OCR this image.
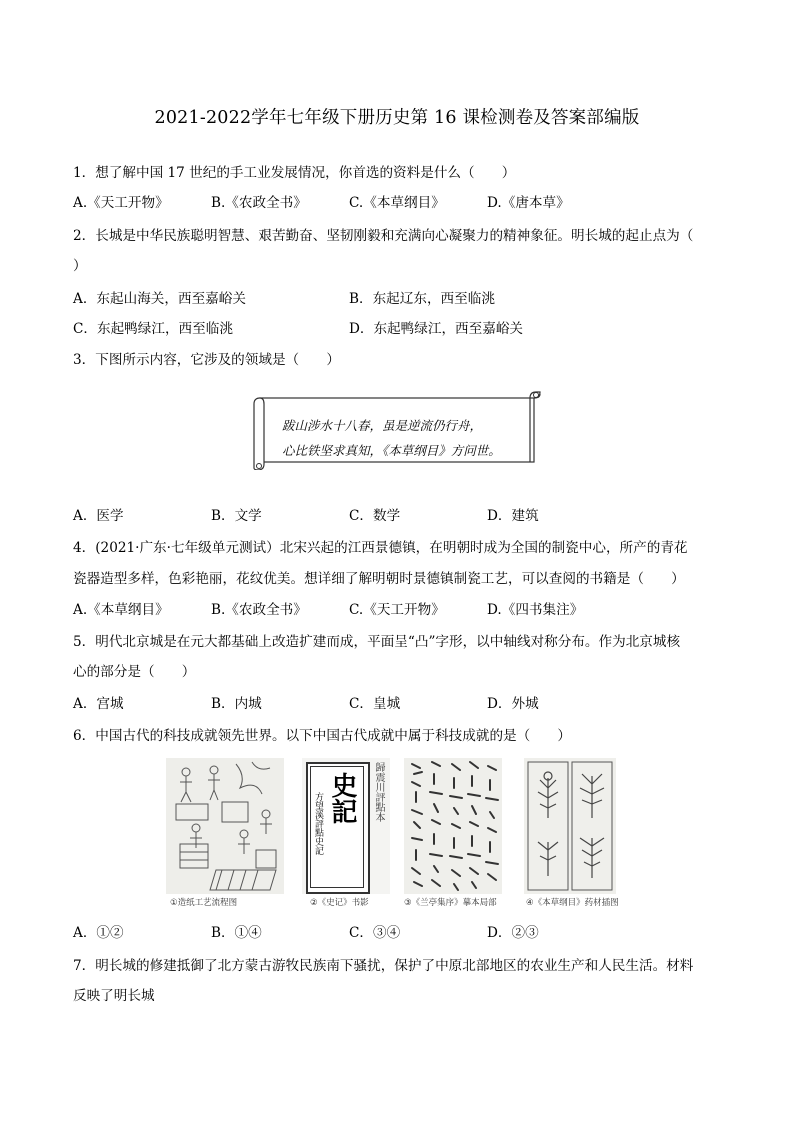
2021-2022学年七年级下册历史第 16 课检测卷及答案部编版
1．想了解中国 17 世纪的手工业发展情况，你首选的资料是什么（　　）
A.《天工开物》	B.《农政全书》	C.《本草纲目》	D.《唐本草》
2．长城是中华民族聪明智慧、艰苦勤奋、坚韧刚毅和充满向心凝聚力的精神象征。明长城的起止点为（
）
A．东起山海关，西至嘉峪关	B．东起辽东，西至临洮
C．东起鸭绿江，西至临洮	D．东起鸭绿江，西至嘉峪关
3．下图所示内容，它涉及的领域是（　　）
跋山涉水十八春，虽是逆流仍行舟，
心比铁坚求真知，《本草纲目》方问世。
A．医学	B．文学	C．数学	D．建筑
4．(2021·广东·七年级单元测试）北宋兴起的江西景德镇，在明朝时成为全国的制瓷中心，所产的青花
瓷器造型多样，色彩艳丽，花纹优美。想详细了解明朝时景德镇制瓷工艺，可以查阅的书籍是（　　）
A.《本草纲目》	B.《农政全书》	C.《天工开物》	D.《四书集注》
5．明代北京城是在元大都基础上改造扩建而成，平面呈“凸”字形，以中轴线对称分布。作为北京城核
心的部分是（　　）
A．宫城	B．内城	C．皇城	D．外城
6．中国古代的科技成就领先世界。以下中国古代成就中属于科技成就的是（　　）
①造纸工艺流程图
史記
方望溪評點史記	歸震川評點本
②《史记》书影	③《兰亭集序》摹本局部	④《本草纲目》药材插图
A．①②	B．①④	C．③④	D．②③
7．明长城的修建抵御了北方蒙古游牧民族南下骚扰，保护了中原北部地区的农业生产和人民生活。材料
反映了明长城
